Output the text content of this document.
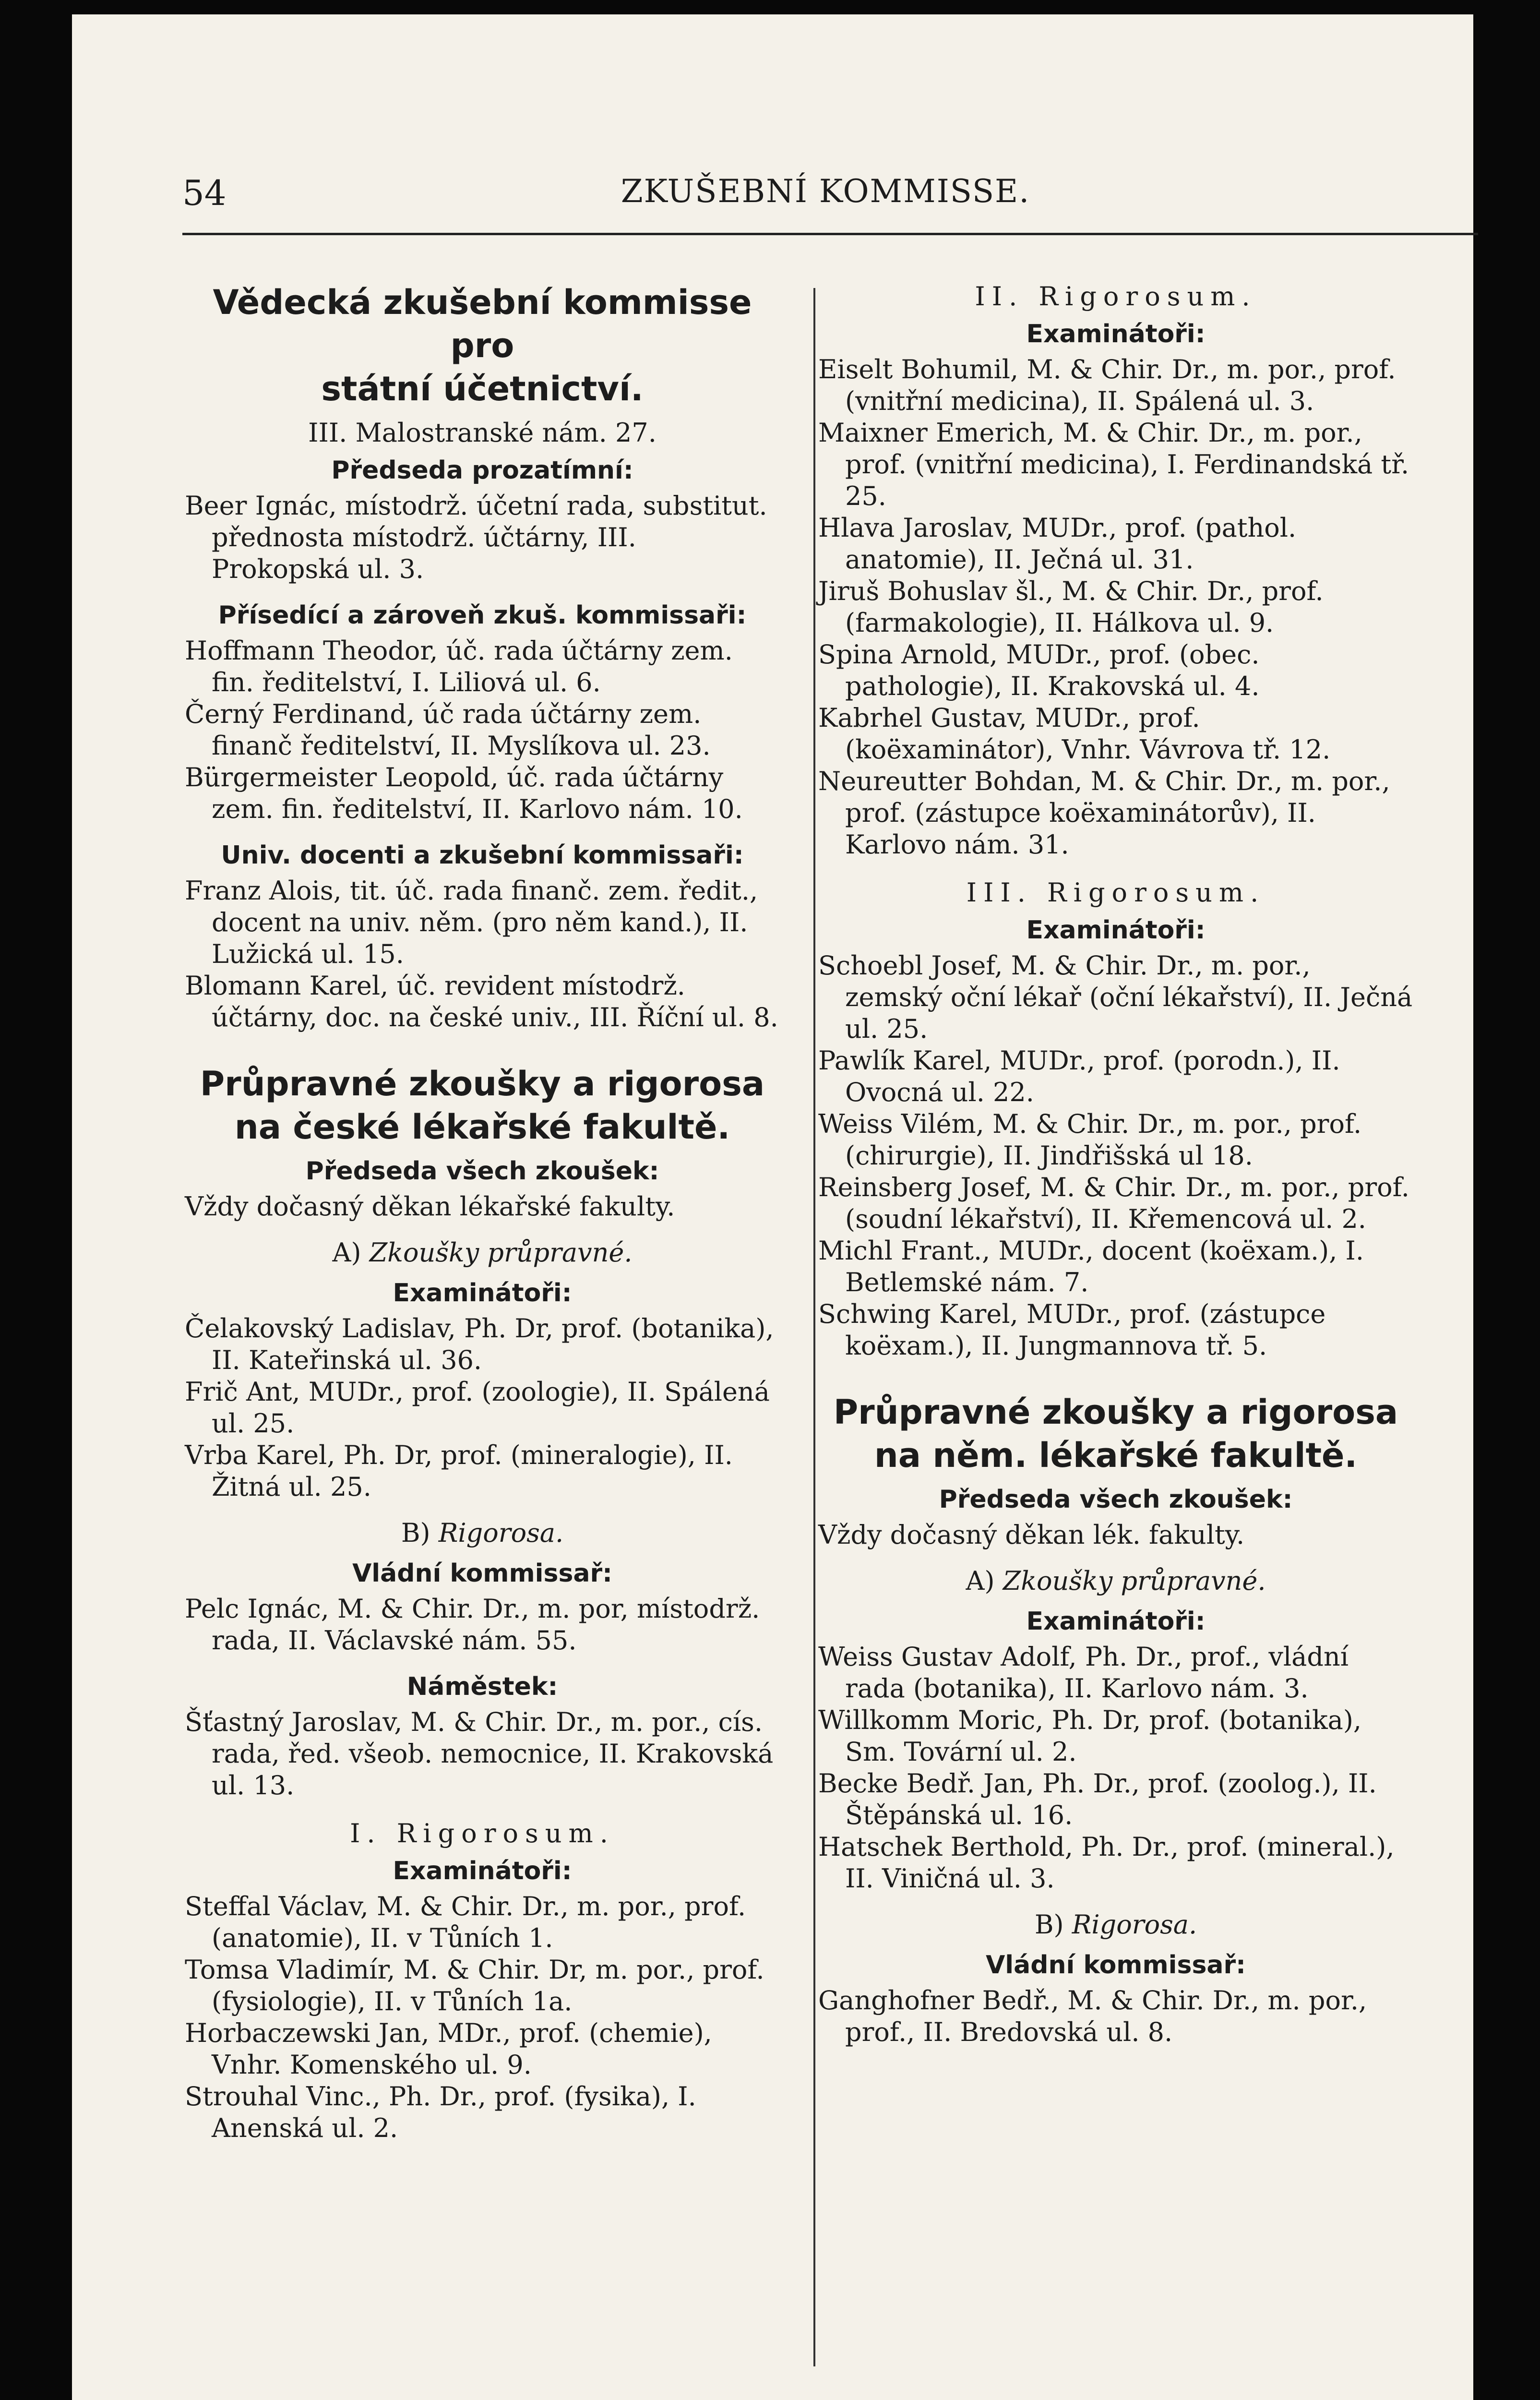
54	ZKUŠEBNÍ KOMMISSE.
Vědecká zkušební kommisse pro
státní účetnictví.
III. Malostranské nám. 27.
Předseda prozatímní:
Beer Ignác, místodrž. účetní rada, substitut. přednosta místodrž. účtárny, III. Prokopská ul. 3.
Přísedící a zároveň zkuš. kommissaři:
Hoffmann Theodor, úč. rada účtárny zem. fin. ředitelství, I. Liliová ul. 6.
Černý Ferdinand, úč rada účtárny zem. finanč ředitelství, II. Myslíkova ul. 23.
Bürgermeister Leopold, úč. rada účtárny zem. fin. ředitelství, II. Karlovo nám. 10.
Univ. docenti a zkušební kommissaři:
Franz Alois, tit. úč. rada finanč. zem. ředit., docent na univ. něm. (pro něm kand.), II. Lužická ul. 15.
Blomann Karel, úč. revident místodrž. účtárny, doc. na české univ., III. Říční ul. 8.
Průpravné zkoušky a rigorosa
na české lékařské fakultě.
Předseda všech zkoušek:
Vždy dočasný děkan lékařské fakulty.
A) Zkoušky průpravné.
Examinátoři:
Čelakovský Ladislav, Ph. Dr, prof. (botanika), II. Kateřinská ul. 36.
Frič Ant, MUDr., prof. (zoologie), II. Spálená ul. 25.
Vrba Karel, Ph. Dr, prof. (mineralogie), II. Žitná ul. 25.
B) Rigorosa.
Vládní kommissař:
Pelc Ignác, M. & Chir. Dr., m. por, místodrž. rada, II. Václavské nám. 55.
Náměstek:
Šťastný Jaroslav, M. & Chir. Dr., m. por., cís. rada, řed. všeob. nemocnice, II. Krakovská ul. 13.
I. Rigorosum.
Examinátoři:
Steffal Václav, M. & Chir. Dr., m. por., prof. (anatomie), II. v Tůních 1.
Tomsa Vladimír, M. & Chir. Dr, m. por., prof. (fysiologie), II. v Tůních 1a.
Horbaczewski Jan, MDr., prof. (chemie), Vnhr. Komenského ul. 9.
Strouhal Vinc., Ph. Dr., prof. (fysika), I. Anenská ul. 2.
II. Rigorosum.
Examinátoři:
Eiselt Bohumil, M. & Chir. Dr., m. por., prof. (vnitřní medicina), II. Spálená ul. 3.
Maixner Emerich, M. & Chir. Dr., m. por., prof. (vnitřní medicina), I. Ferdinandská tř. 25.
Hlava Jaroslav, MUDr., prof. (pathol. anatomie), II. Ječná ul. 31.
Jiruš Bohuslav šl., M. & Chir. Dr., prof. (farmakologie), II. Hálkova ul. 9.
Spina Arnold, MUDr., prof. (obec. pathologie), II. Krakovská ul. 4.
Kabrhel Gustav, MUDr., prof. (koëxaminátor), Vnhr. Vávrova tř. 12.
Neureutter Bohdan, M. & Chir. Dr., m. por., prof. (zástupce koëxaminátorův), II. Karlovo nám. 31.
III. Rigorosum.
Examinátoři:
Schoebl Josef, M. & Chir. Dr., m. por., zemský oční lékař (oční lékařství), II. Ječná ul. 25.
Pawlík Karel, MUDr., prof. (porodn.), II. Ovocná ul. 22.
Weiss Vilém, M. & Chir. Dr., m. por., prof. (chirurgie), II. Jindřišská ul 18.
Reinsberg Josef, M. & Chir. Dr., m. por., prof. (soudní lékařství), II. Křemencová ul. 2.
Michl Frant., MUDr., docent (koëxam.), I. Betlemské nám. 7.
Schwing Karel, MUDr., prof. (zástupce koëxam.), II. Jungmannova tř. 5.
Průpravné zkoušky a rigorosa
na něm. lékařské fakultě.
Předseda všech zkoušek:
Vždy dočasný děkan lék. fakulty.
A) Zkoušky průpravné.
Examinátoři:
Weiss Gustav Adolf, Ph. Dr., prof., vládní rada (botanika), II. Karlovo nám. 3.
Willkomm Moric, Ph. Dr, prof. (botanika), Sm. Tovární ul. 2.
Becke Bedř. Jan, Ph. Dr., prof. (zoolog.), II. Štěpánská ul. 16.
Hatschek Berthold, Ph. Dr., prof. (mineral.), II. Viničná ul. 3.
B) Rigorosa.
Vládní kommissař:
Ganghofner Bedř., M. & Chir. Dr., m. por., prof., II. Bredovská ul. 8.
